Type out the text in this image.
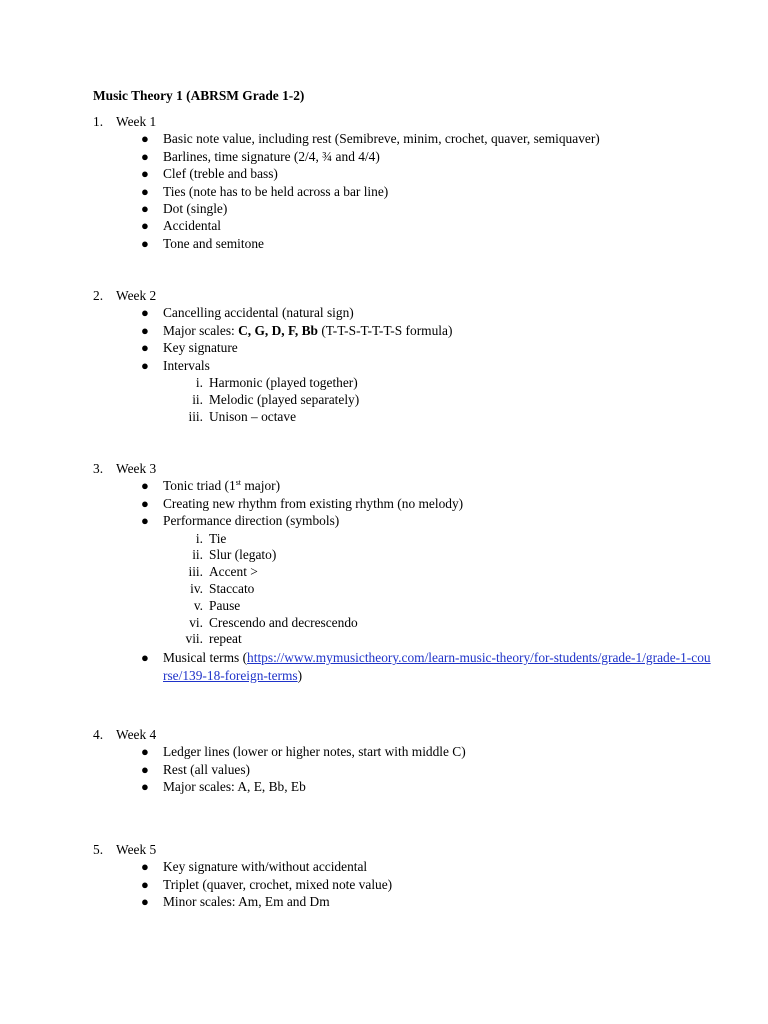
Music Theory 1 (ABRSM Grade 1-2)
1. Week 1
● Basic note value, including rest (Semibreve, minim, crochet, quaver, semiquaver)
● Barlines, time signature (2/4, ¾ and 4/4)
● Clef (treble and bass)
● Ties (note has to be held across a bar line)
● Dot (single)
● Accidental
● Tone and semitone
2. Week 2
● Cancelling accidental (natural sign)
● Major scales: C, G, D, F, Bb (T-T-S-T-T-T-S formula)
● Key signature
● Intervals
i. Harmonic (played together)
ii. Melodic (played separately)
iii. Unison – octave
3. Week 3
● Tonic triad (1st major)
● Creating new rhythm from existing rhythm (no melody)
● Performance direction (symbols)
i. Tie
ii. Slur (legato)
iii. Accent >
iv. Staccato
v. Pause
vi. Crescendo and decrescendo
vii. repeat
● Musical terms (https://www.mymusictheory.com/learn-music-theory/for-students/grade-1/grade-1-course/139-18-foreign-terms)
4. Week 4
● Ledger lines (lower or higher notes, start with middle C)
● Rest (all values)
● Major scales: A, E, Bb, Eb
5. Week 5
● Key signature with/without accidental
● Triplet (quaver, crochet, mixed note value)
● Minor scales: Am, Em and Dm
